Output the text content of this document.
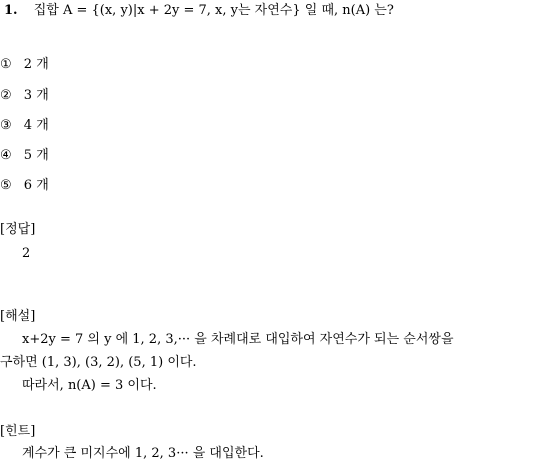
1. 집합 A = {(x, y)|x + 2y = 7, x, y는 자연수} 일 때, n(A) 는?
① 2 개
② 3 개
③ 4 개
④ 5 개
⑤ 6 개
[정답]
2
[해설]
x+2y = 7 의 y 에 1, 2, 3,··· 을 차례대로 대입하여 자연수가 되는 순서쌍을
구하면 (1, 3), (3, 2), (5, 1) 이다.
따라서, n(A) = 3 이다.
[힌트]
계수가 큰 미지수에 1, 2, 3··· 을 대입한다.
